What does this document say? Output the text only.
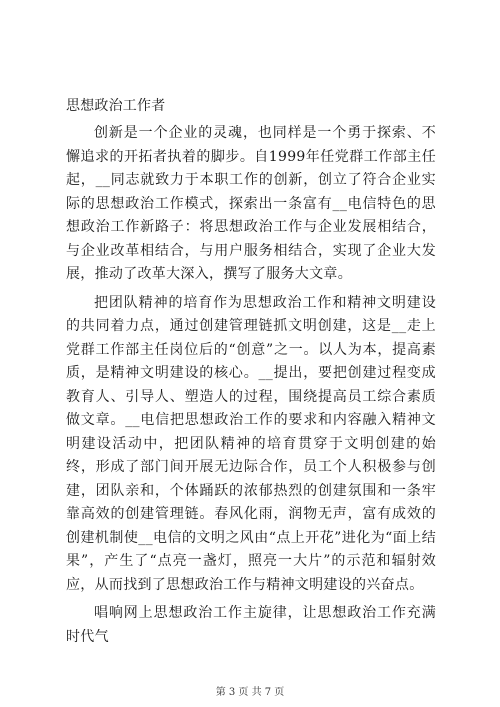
思想政治工作者

创新是一个企业的灵魂，也同样是一个勇于探索、不懈追求的开拓者执着的脚步。自1999年任党群工作部主任起，__同志就致力于本职工作的创新，创立了符合企业实际的思想政治工作模式，探索出一条富有__电信特色的思想政治工作新路子：将思想政治工作与企业发展相结合，与企业改革相结合，与用户服务相结合，实现了企业大发展，推动了改革大深入，撰写了服务大文章。

把团队精神的培育作为思想政治工作和精神文明建设的共同着力点，通过创建管理链抓文明创建，这是__走上党群工作部主任岗位后的“创意”之一。以人为本，提高素质，是精神文明建设的核心。__提出，要把创建过程变成教育人、引导人、塑造人的过程，围绕提高员工综合素质做文章。__电信把思想政治工作的要求和内容融入精神文明建设活动中，把团队精神的培育贯穿于文明创建的始终，形成了部门间开展无边际合作，员工个人积极参与创建，团队亲和，个体踊跃的浓郁热烈的创建氛围和一条牢靠高效的创建管理链。春风化雨，润物无声，富有成效的创建机制使__电信的文明之风由“点上开花”进化为“面上结果”，产生了“点亮一盏灯，照亮一大片”的示范和辐射效应，从而找到了思想政治工作与精神文明建设的兴奋点。

唱响网上思想政治工作主旋律，让思想政治工作充满时代气

第 3 页 共 7 页
